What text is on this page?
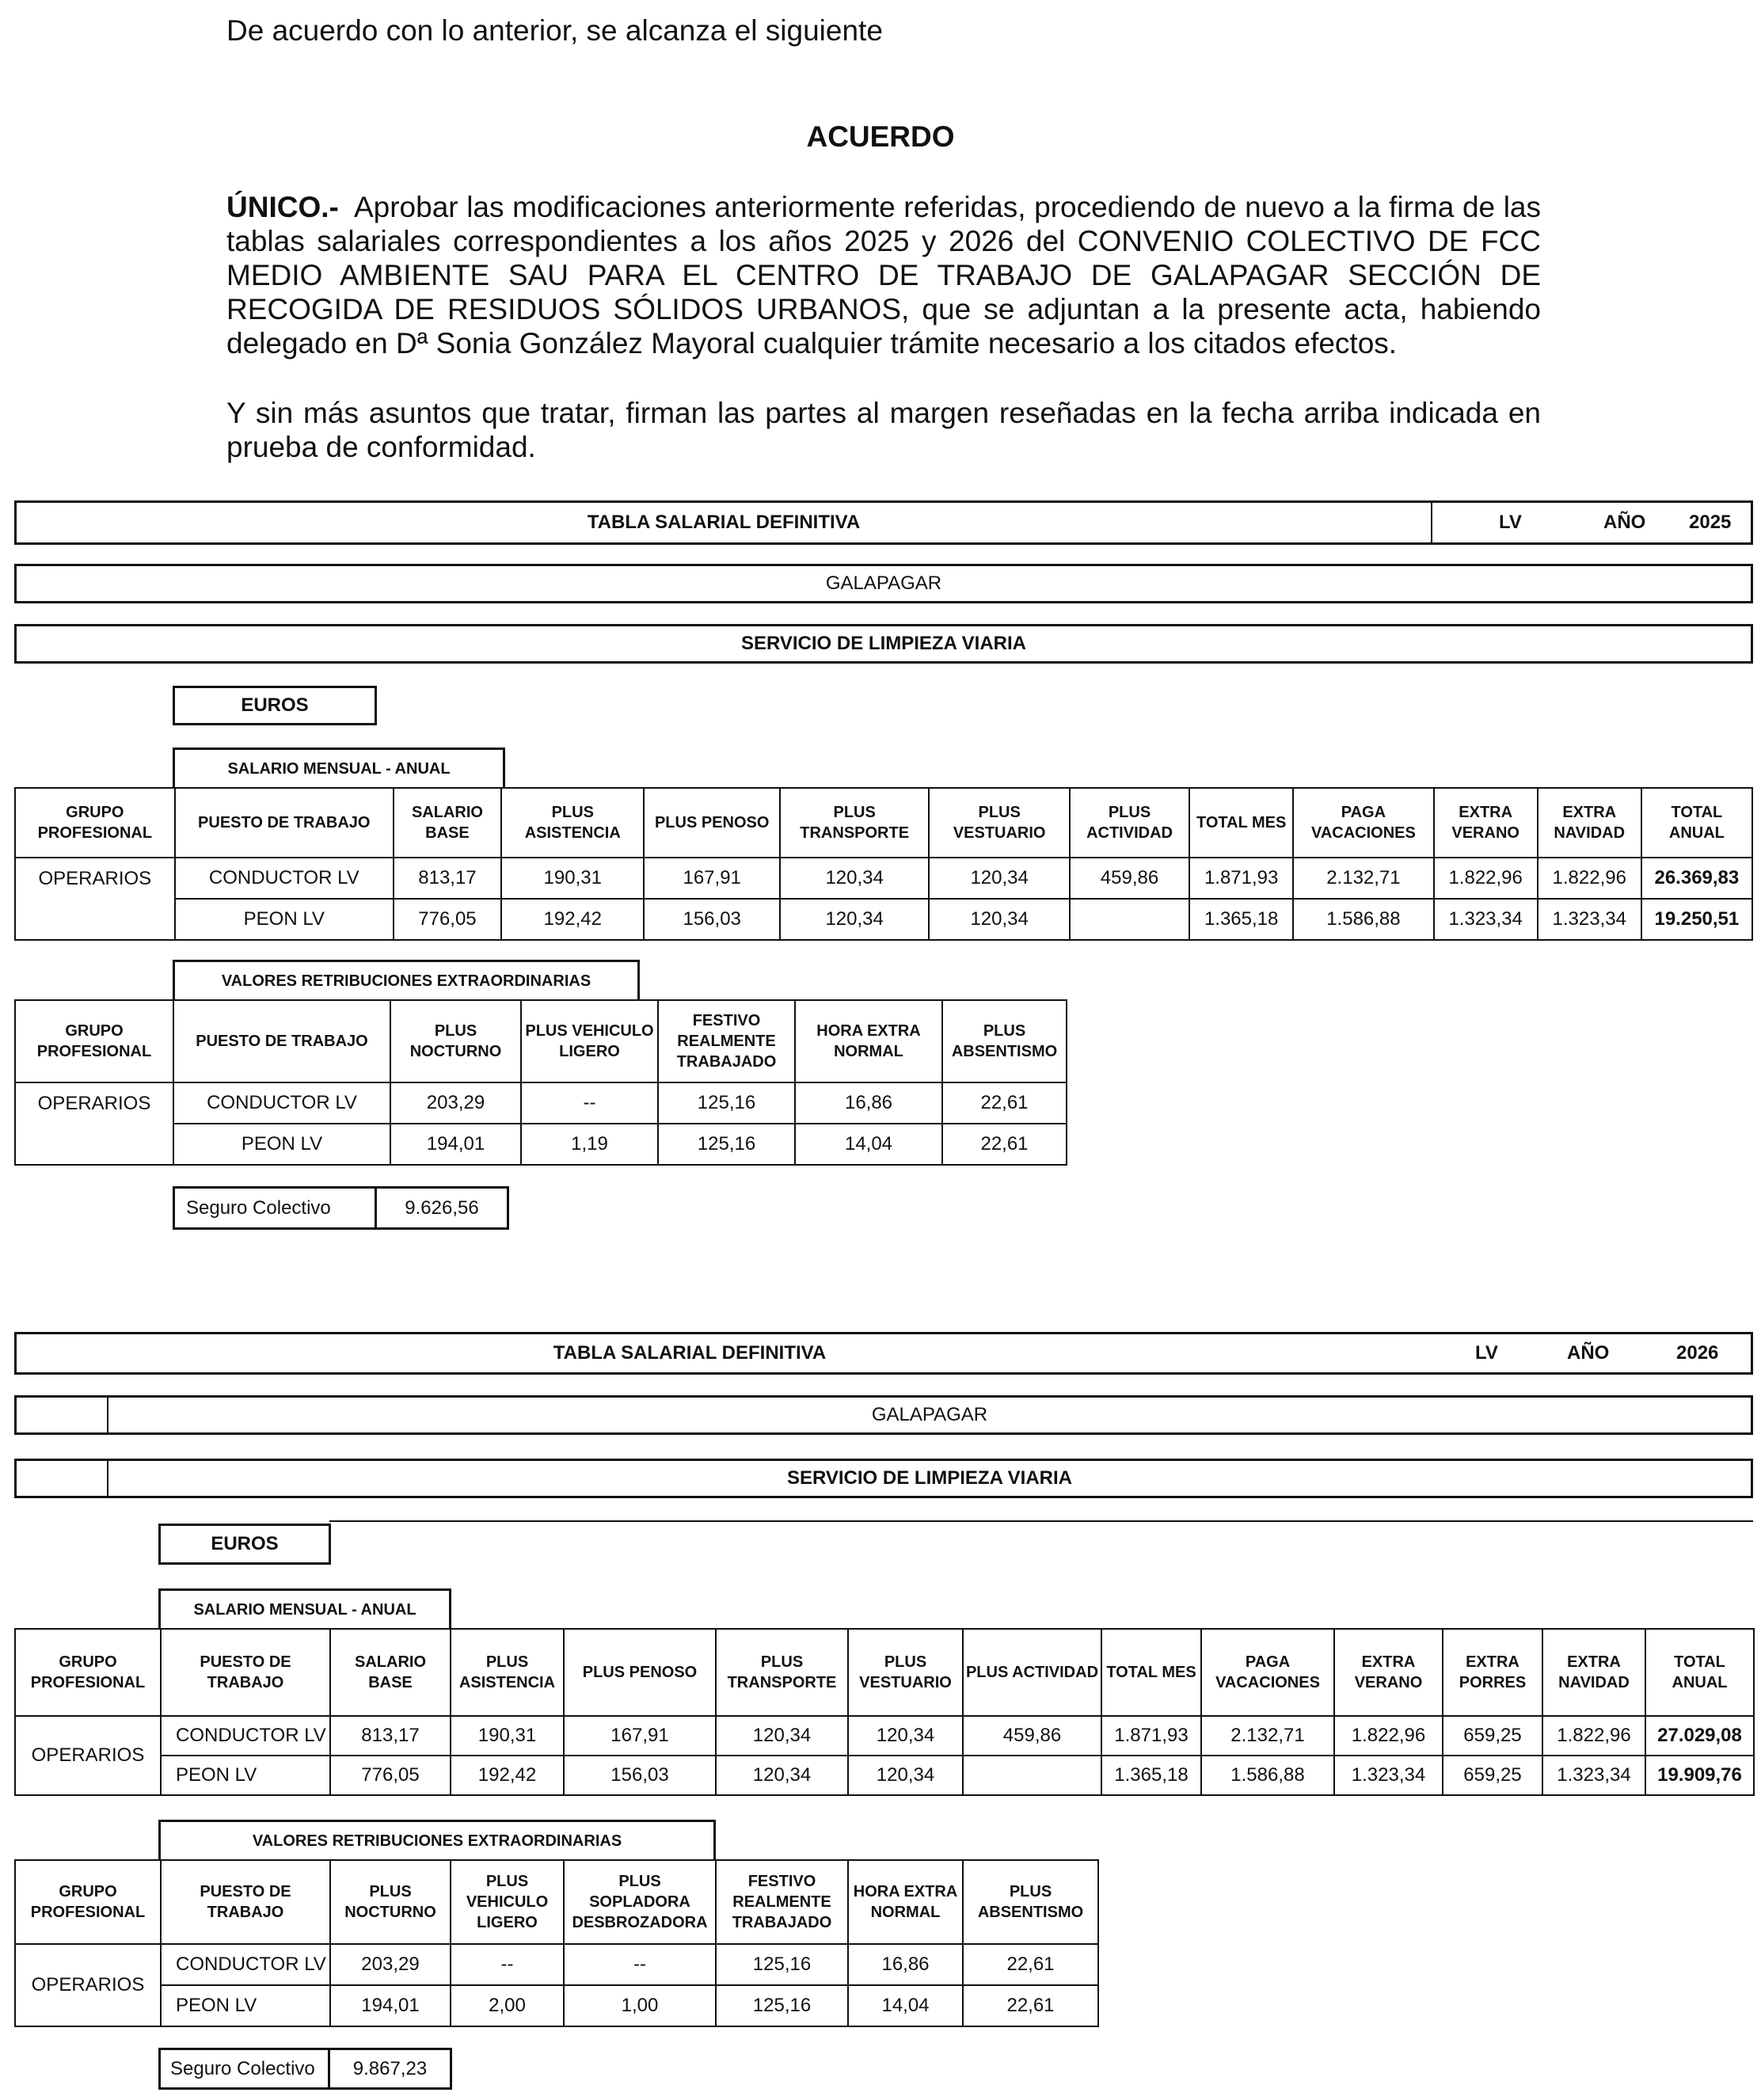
De acuerdo con lo anterior, se alcanza el siguiente
ACUERDO
ÚNICO.- Aprobar las modificaciones anteriormente referidas, procediendo de nuevo a la firma de las tablas salariales correspondientes a los años 2025 y 2026 del CONVENIO COLECTIVO DE FCC MEDIO AMBIENTE SAU PARA EL CENTRO DE TRABAJO DE GALAPAGAR SECCIÓN DE RECOGIDA DE RESIDUOS SÓLIDOS URBANOS, que se adjuntan a la presente acta, habiendo delegado en Dª Sonia González Mayoral cualquier trámite necesario a los citados efectos.
Y sin más asuntos que tratar, firman las partes al margen reseñadas en la fecha arriba indicada en prueba de conformidad.
TABLA SALARIAL DEFINITIVA	LV	AÑO 2025
GALAPAGAR
SERVICIO DE LIMPIEZA VIARIA
EUROS
SALARIO MENSUAL - ANUAL
GRUPO PROFESIONAL	PUESTO DE TRABAJO	SALARIO BASE	PLUS ASISTENCIA	PLUS PENOSO	PLUS TRANSPORTE	PLUS VESTUARIO	PLUS ACTIVIDAD	TOTAL MES	PAGA VACACIONES	EXTRA VERANO	EXTRA NAVIDAD	TOTAL ANUAL
OPERARIOS	CONDUCTOR LV	813,17	190,31	167,91	120,34	120,34	459,86	1.871,93	2.132,71	1.822,96	1.822,96	26.369,83
	PEON LV	776,05	192,42	156,03	120,34	120,34		1.365,18	1.586,88	1.323,34	1.323,34	19.250,51
VALORES RETRIBUCIONES EXTRAORDINARIAS
GRUPO PROFESIONAL	PUESTO DE TRABAJO	PLUS NOCTURNO	PLUS VEHICULO LIGERO	FESTIVO REALMENTE TRABAJADO	HORA EXTRA NORMAL	PLUS ABSENTISMO
OPERARIOS	CONDUCTOR LV	203,29	--	125,16	16,86	22,61
	PEON LV	194,01	1,19	125,16	14,04	22,61
Seguro Colectivo	9.626,56
TABLA SALARIAL DEFINITIVA	LV	AÑO	2026
GALAPAGAR
SERVICIO DE LIMPIEZA VIARIA
EUROS
SALARIO MENSUAL - ANUAL
GRUPO PROFESIONAL	PUESTO DE TRABAJO	SALARIO BASE	PLUS ASISTENCIA	PLUS PENOSO	PLUS TRANSPORTE	PLUS VESTUARIO	PLUS ACTIVIDAD	TOTAL MES	PAGA VACACIONES	EXTRA VERANO	EXTRA PORRES	EXTRA NAVIDAD	TOTAL ANUAL
OPERARIOS	CONDUCTOR LV	813,17	190,31	167,91	120,34	120,34	459,86	1.871,93	2.132,71	1.822,96	659,25	1.822,96	27.029,08
	PEON LV	776,05	192,42	156,03	120,34	120,34		1.365,18	1.586,88	1.323,34	659,25	1.323,34	19.909,76
VALORES RETRIBUCIONES EXTRAORDINARIAS
GRUPO PROFESIONAL	PUESTO DE TRABAJO	PLUS NOCTURNO	PLUS VEHICULO LIGERO	PLUS SOPLADORA DESBROZADORA	FESTIVO REALMENTE TRABAJADO	HORA EXTRA NORMAL	PLUS ABSENTISMO
OPERARIOS	CONDUCTOR LV	203,29	--	--	125,16	16,86	22,61
	PEON LV	194,01	2,00	1,00	125,16	14,04	22,61
Seguro Colectivo	9.867,23
